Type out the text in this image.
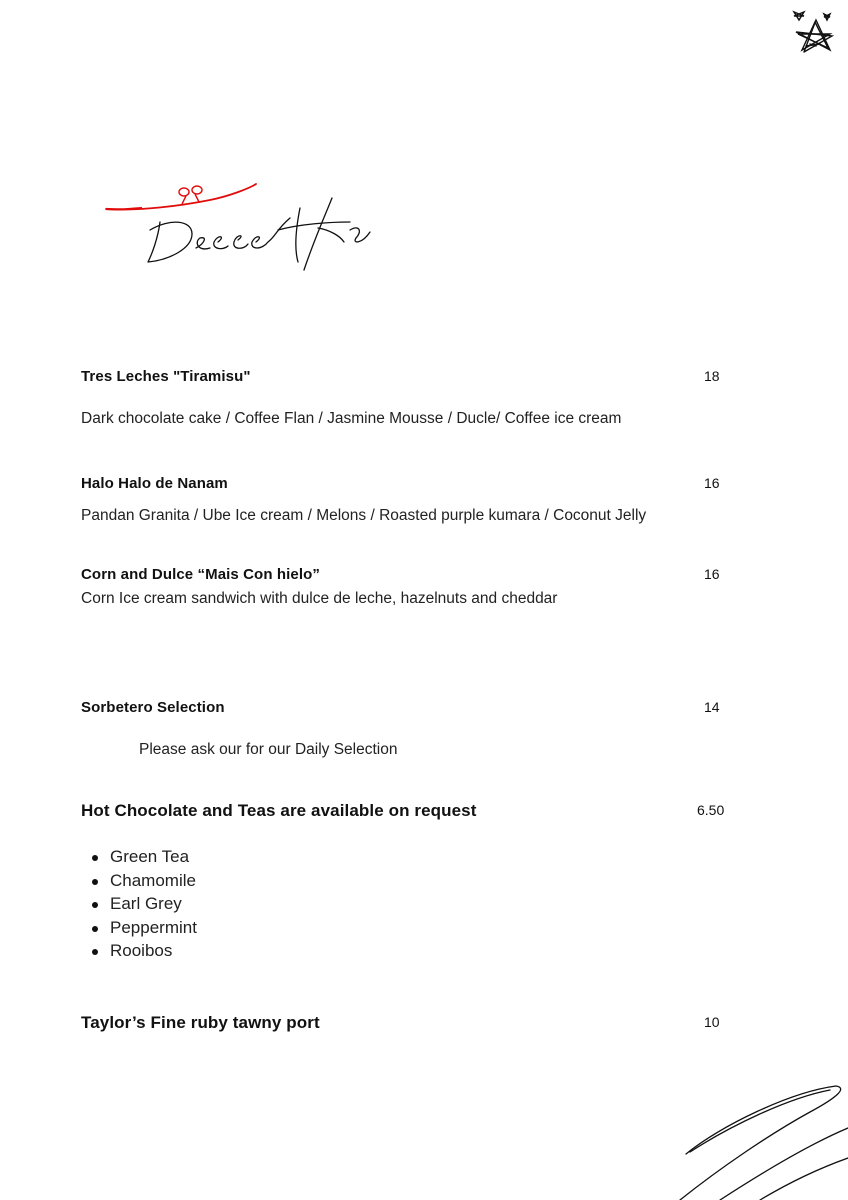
Tres Leches "Tiramisu"	18
Dark chocolate cake / Coffee Flan / Jasmine Mousse / Ducle/ Coffee ice cream
Halo Halo de Nanam	16
Pandan Granita / Ube Ice cream / Melons / Roasted purple kumara / Coconut Jelly
Corn and Dulce “Mais Con hielo”	16
Corn Ice cream sandwich with dulce de leche, hazelnuts and cheddar
Sorbetero Selection	14
Please ask our for our Daily Selection
Hot Chocolate and Teas are available on request	6.50
Green Tea
Chamomile
Earl Grey
Peppermint
Rooibos
Taylor’s Fine ruby tawny port	10
